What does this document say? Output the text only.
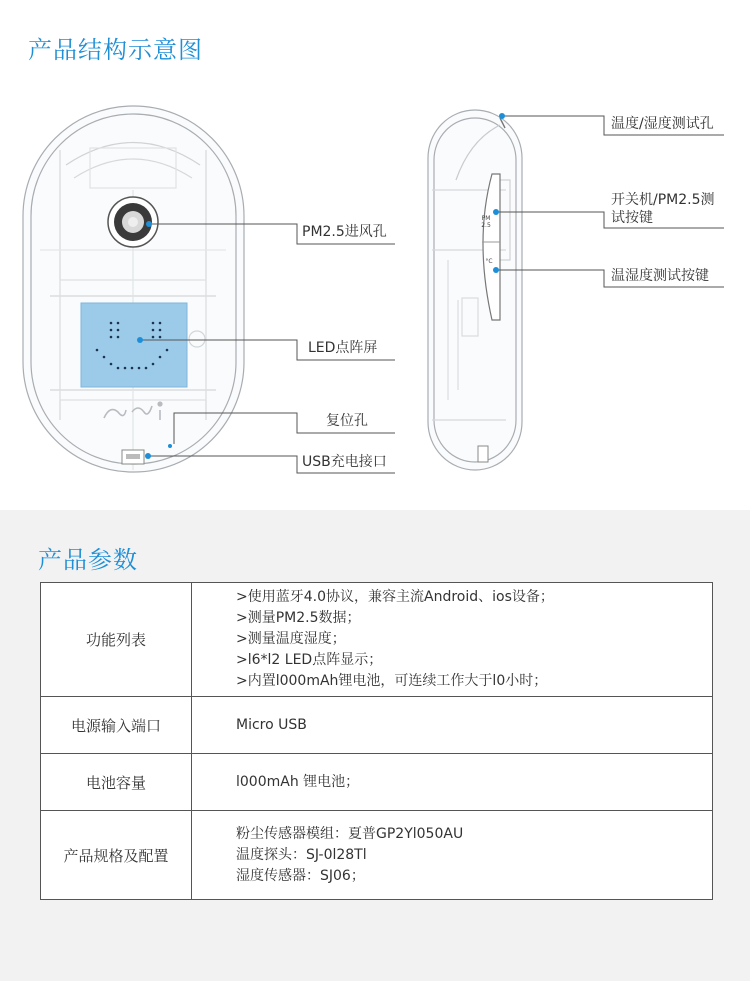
产品结构示意图
PM
2.5
°C
PM2.5进风孔
LED点阵屏
复位孔
USB充电接口
温度/湿度测试孔
开关机/PM2.5测
试按键
温湿度测试按键
产品参数
功能列表	>使用蓝牙4.0协议，兼容主流Android、ios设备；
>测量PM2.5数据；
>测量温度湿度；
>l6*l2 LED点阵显示；
>内置l000mAh锂电池，可连续工作大于l0小时；

电源输入端口	Micro USB

电池容量	l000mAh 锂电池；

产品规格及配置	粉尘传感器模组：夏普GP2Yl050AU
温度探头：SJ-0l28Tl
湿度传感器：SJ06；
